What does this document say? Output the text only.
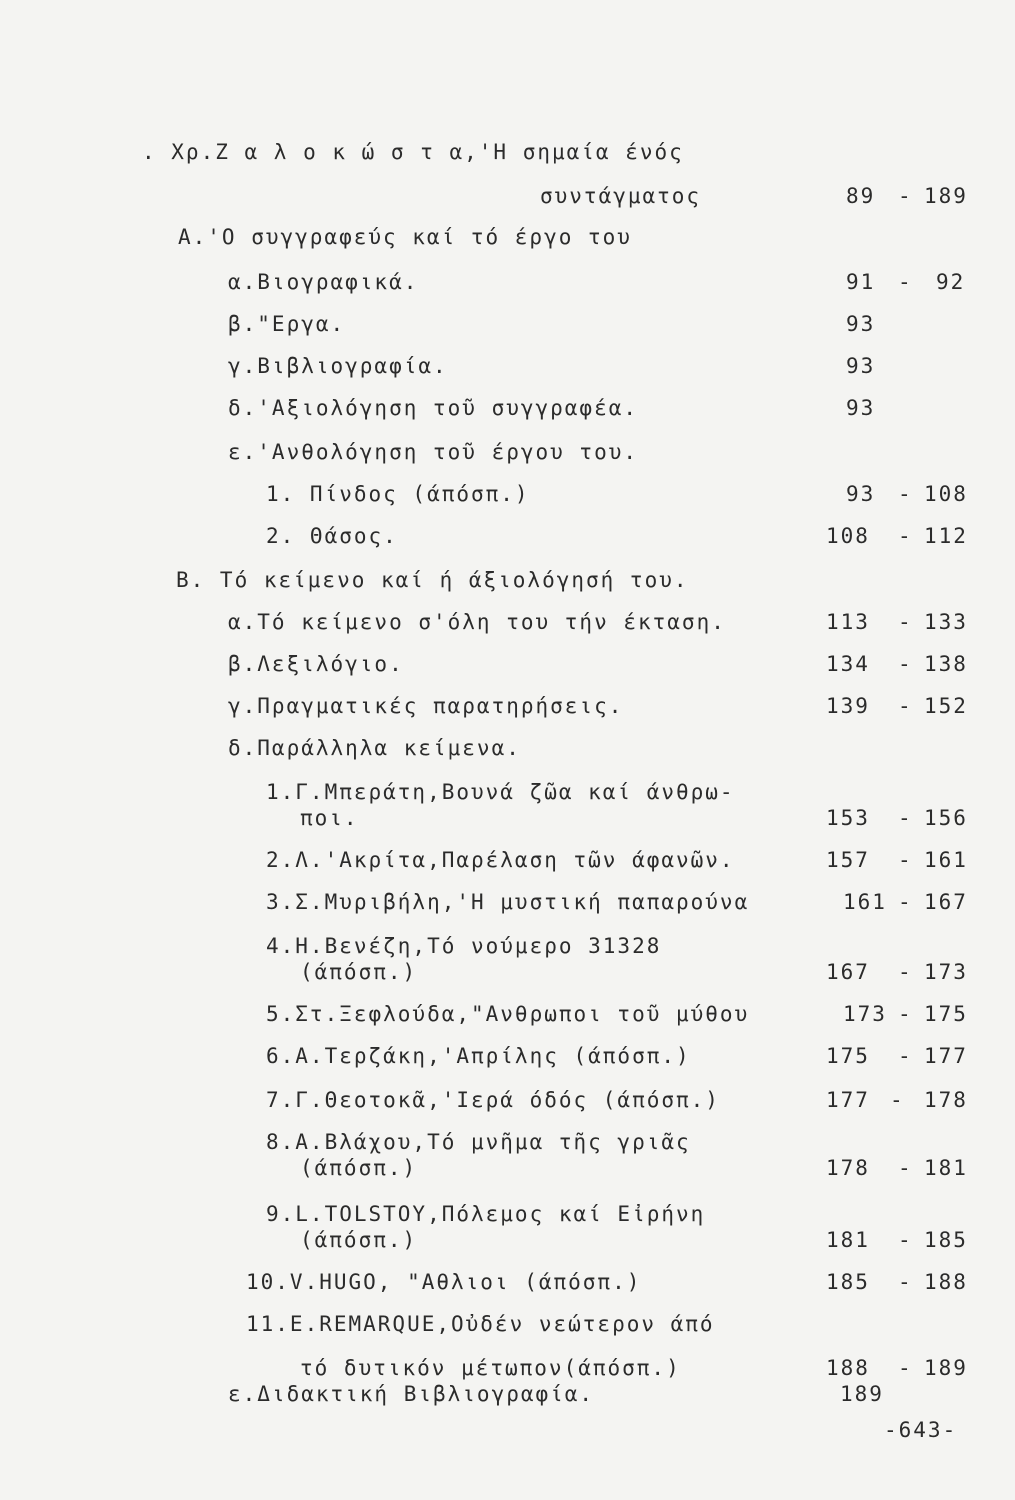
. Χρ.Ζ α λ ο κ ώ σ τ α,'Η σημαία ένός
συντάγματος	89 - 189
Α.'Ο συγγραφεύς καί τό έργο του
α.Βιογραφικά.	91 - 92
β."Εργα.	93
γ.Βιβλιογραφία.	93
δ.'Αξιολόγηση τοῦ συγγραφέα.	93
ε.'Ανθολόγηση τοῦ έργου του.
1. Πίνδος (άπόσπ.)	93 - 108
2. Θάσος.	108 - 112
Β. Τό κείμενο καί ή άξιολόγησή του.
α.Τό κείμενο σ'όλη του τήν έκταση.	113 - 133
β.Λεξιλόγιο.	134 - 138
γ.Πραγματικές παρατηρήσεις.	139 - 152
δ.Παράλληλα κείμενα.
1.Γ.Μπεράτη,Βουνά ζῶα καί άνθρω-
ποι.	153 - 156
2.Λ.'Ακρίτα,Παρέλαση τῶν άφανῶν.	157 - 161
3.Σ.Μυριβήλη,'Η μυστική παπαρούνα	161 - 167
4.Η.Βενέζη,Τό νούμερο 31328
(άπόσπ.)	167 - 173
5.Στ.Ξεφλούδα,"Ανθρωποι τοῦ μύθου	173 - 175
6.Α.Τερζάκη,'Απρίλης (άπόσπ.)	175 - 177
7.Γ.Θεοτοκᾶ,'Ιερά όδός (άπόσπ.)	177 - 178
8.Α.Βλάχου,Τό μνῆμα τῆς γριᾶς
(άπόσπ.)	178 - 181
9.L.TOLSTOY,Πόλεμος καί Εἰρήνη
(άπόσπ.)	181 - 185
10.V.HUGO, "Αθλιοι (άπόσπ.)	185 - 188
11.E.REMARQUE,Οὐδέν νεώτερον άπό
τό δυτικόν μέτωπον(άπόσπ.)	188 - 189
ε.Διδακτική Βιβλιογραφία.	189
-643-
